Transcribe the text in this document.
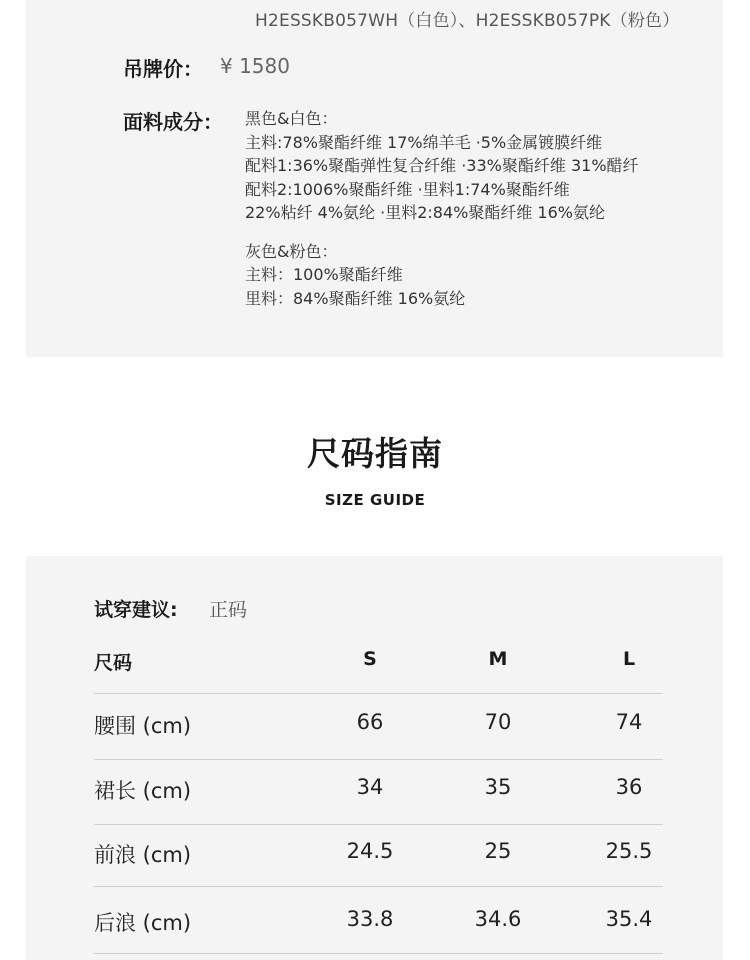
H2ESSKB057WH（白色）、H2ESSKB057PK（粉色）
吊牌价： ¥ 1580
面料成分： 黑色&白色：
主料:78%聚酯纤维 17%绵羊毛 ·5%金属镀膜纤维
配料1:36%聚酯弹性复合纤维 ·33%聚酯纤维 31%醋纤
配料2:1006%聚酯纤维 ·里料1:74%聚酯纤维
22%粘纤 4%氨纶 ·里料2:84%聚酯纤维 16%氨纶
灰色&粉色：
主料：100%聚酯纤维
里料：84%聚酯纤维 16%氨纶
尺码指南
SIZE GUIDE
试穿建议: 正码
尺码	S	M	L
腰围 (cm)	66	70	74
裙长 (cm)	34	35	36
前浪 (cm)	24.5	25	25.5
后浪 (cm)	33.8	34.6	35.4
